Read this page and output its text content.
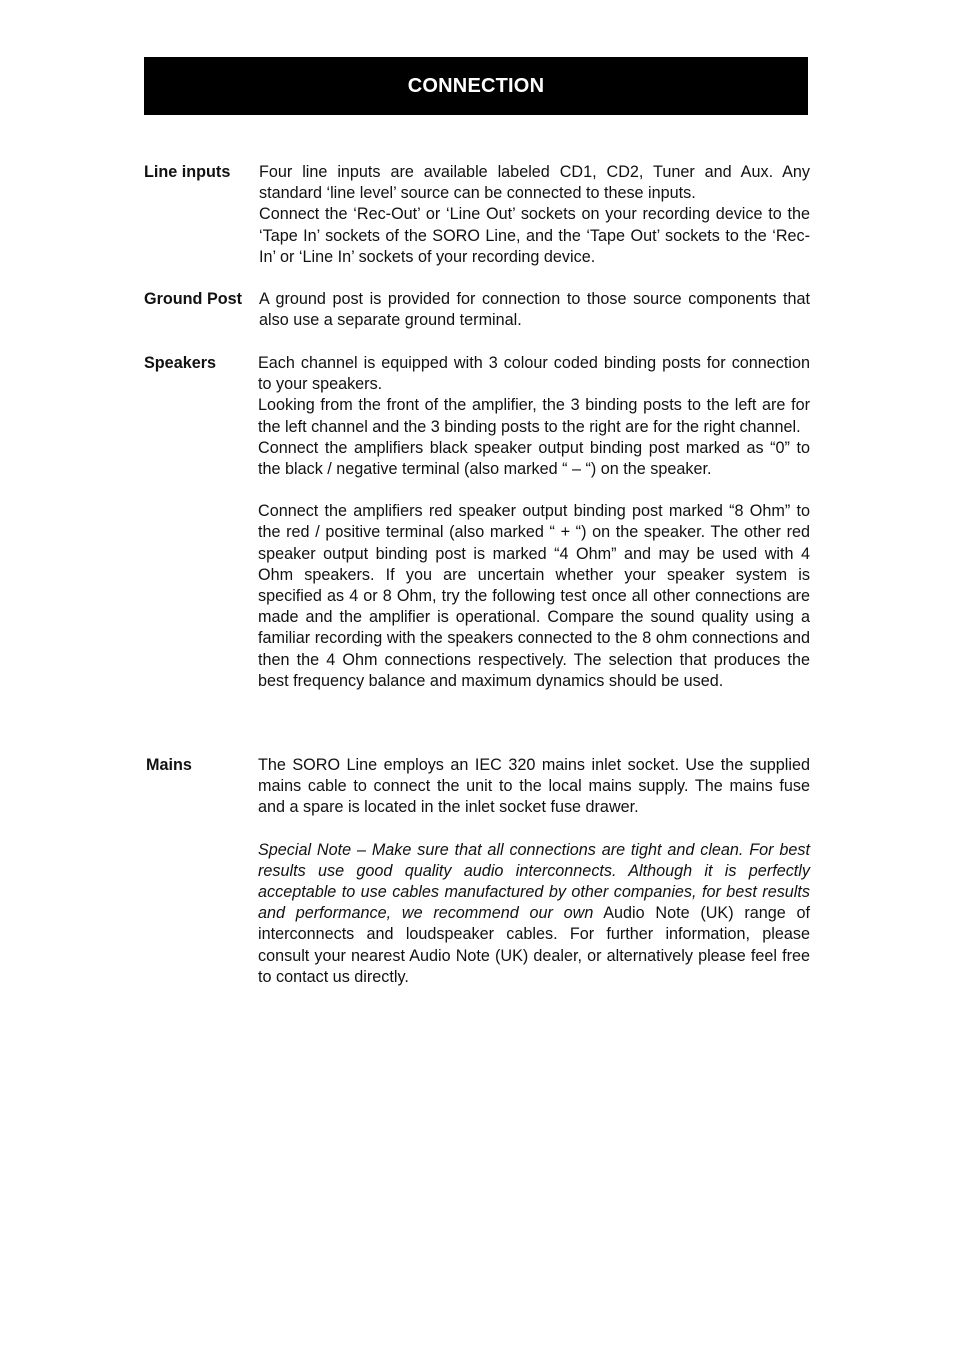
CONNECTION
Line inputs Four line inputs are available labeled CD1, CD2, Tuner and Aux. Any standard ‘line level’ source can be connected to these inputs.

Connect the ‘Rec-Out’ or ‘Line Out’ sockets on your recording device to the ‘Tape In’ sockets of the SORO Line, and the ‘Tape Out’ sockets to the ‘Rec-In’ or ‘Line In’ sockets of your recording device.

Ground Post A ground post is provided for connection to those source components that also use a separate ground terminal.

Speakers	Each channel is equipped with 3 colour coded binding posts for connection to your speakers.

Looking from the front of the amplifier, the 3 binding posts to the left are for the left channel and the 3 binding posts to the right are for the right channel.

Connect the amplifiers black speaker output binding post marked as “0” to the black / negative terminal (also marked “ – “) on the speaker.

Connect the amplifiers red speaker output binding post marked “8 Ohm” to the red / positive terminal (also marked “ + “) on the speaker. The other red speaker output binding post is marked “4 Ohm” and may be used with 4 Ohm speakers. If you are uncertain whether your speaker system is specified as 4 or 8 Ohm, try the following test once all other connections are made and the amplifier is operational. Compare the sound quality using a familiar recording with the speakers connected to the 8 ohm connections and then the 4 Ohm connections respectively. The selection that produces the best frequency balance and maximum dynamics should be used.

Mains	The SORO Line employs an IEC 320 mains inlet socket. Use the supplied mains cable to connect the unit to the local mains supply. The mains fuse and a spare is located in the inlet socket fuse drawer.

Special Note – Make sure that all connections are tight and clean. For best results use good quality audio interconnects. Although it is perfectly acceptable to use cables manufactured by other companies, for best results and performance, we recommend our own Audio Note (UK) range of interconnects and loudspeaker cables. For further information, please consult your nearest Audio Note (UK) dealer, or alternatively please feel free to contact us directly.
